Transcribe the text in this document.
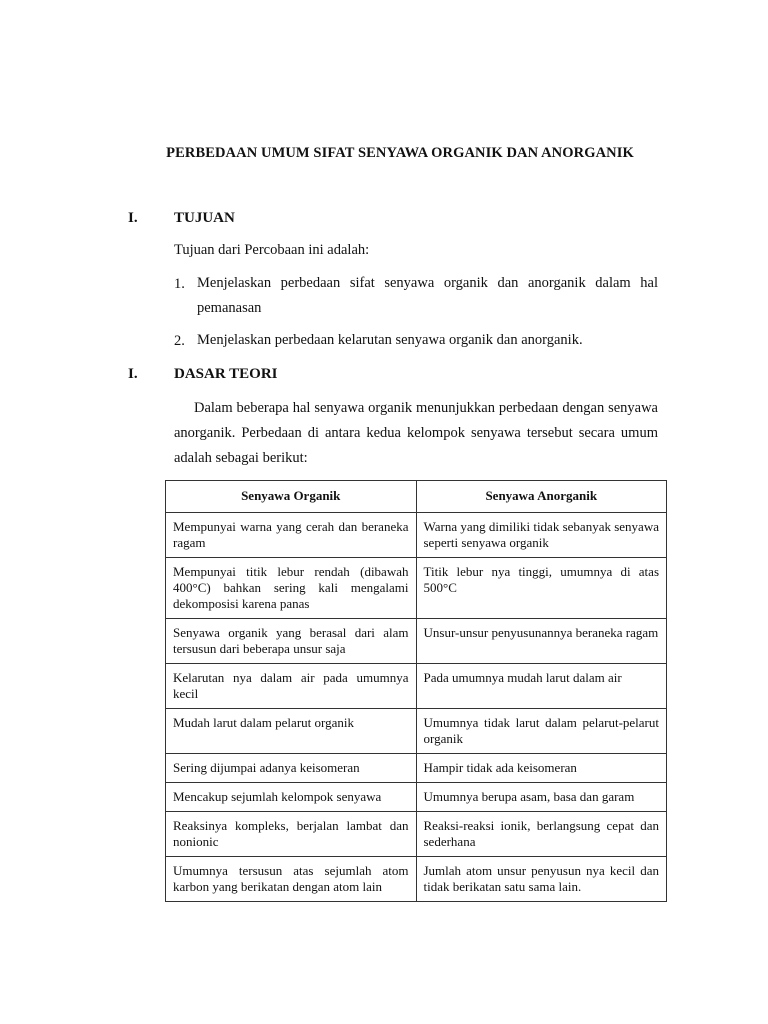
PERBEDAAN UMUM SIFAT SENYAWA ORGANIK DAN ANORGANIK
I. TUJUAN
Tujuan dari Percobaan ini adalah:
1. Menjelaskan perbedaan sifat senyawa organik dan anorganik dalam hal pemanasan
2. Menjelaskan perbedaan kelarutan senyawa organik dan anorganik.
I. DASAR TEORI
Dalam beberapa hal senyawa organik menunjukkan perbedaan dengan senyawa anorganik. Perbedaan di antara kedua kelompok senyawa tersebut secara umum adalah sebagai berikut:
Senyawa Organik	Senyawa Anorganik
Mempunyai warna yang cerah dan beraneka ragam	Warna yang dimiliki tidak sebanyak senyawa seperti senyawa organik
Mempunyai titik lebur rendah (dibawah 400°C) bahkan sering kali mengalami dekomposisi karena panas	Titik lebur nya tinggi, umumnya di atas 500°C
Senyawa organik yang berasal dari alam tersusun dari beberapa unsur saja	Unsur-unsur penyusunannya beraneka ragam
Kelarutan nya dalam air pada umumnya kecil	Pada umumnya mudah larut dalam air
Mudah larut dalam pelarut organik	Umumnya tidak larut dalam pelarut-pelarut organik
Sering dijumpai adanya keisomeran	Hampir tidak ada keisomeran
Mencakup sejumlah kelompok senyawa	Umumnya berupa asam, basa dan garam
Reaksinya kompleks, berjalan lambat dan nonionic	Reaksi-reaksi ionik, berlangsung cepat dan sederhana
Umumnya tersusun atas sejumlah atom karbon yang berikatan dengan atom lain	Jumlah atom unsur penyusun nya kecil dan tidak berikatan satu sama lain.
